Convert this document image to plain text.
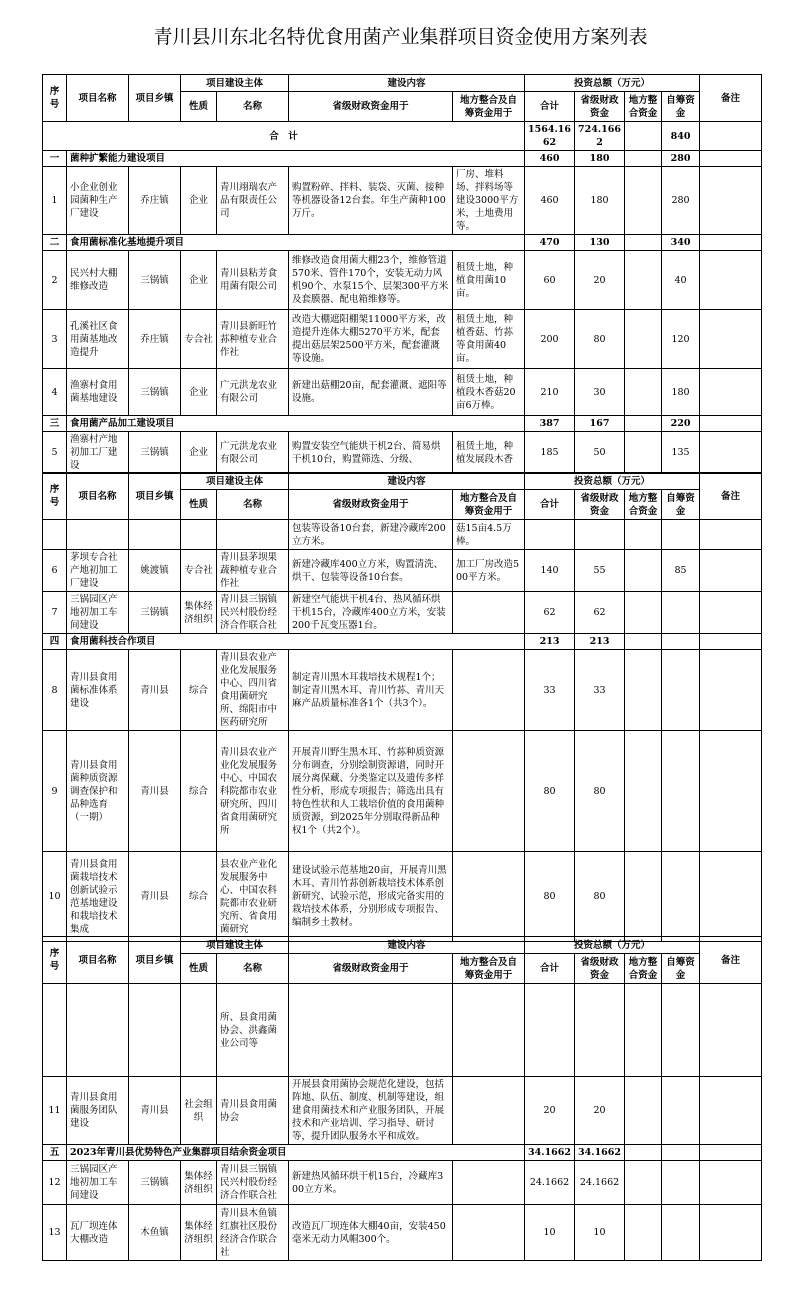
青川县川东北名特优食用菌产业集群项目资金使用方案列表
序号	项目名称	项目乡镇	项目建设主体		建设内容		投资总额（万元）				备注
			性质	名称	省级财政资金用于	地方整合及自筹资金用于	合计	省级财政资金	地方整合资金	自筹资金	
合　计							1564.1662	724.1662		840	
一	菌种扩繁能力建设项目						460	180		280	
1	小企业创业园菌种生产厂建设	乔庄镇	企业	青川翊瑞农产品有限责任公司	购置粉碎、拌料、装袋、灭菌、接种等机器设备12台套。年生产菌种100万斤。	厂房、堆料场、拌料场等建设3000平方米，土地费用等。	460	180		280	
二	食用菌标准化基地提升项目						470	130		340	
2	民兴村大棚维修改造	三锅镇	企业	青川县粘芳食用菌有限公司	维修改造食用菌大棚23个，维修管道570米、管件170个，安装无动力风机90个、水泵15个、层架300平方米及套膜器、配电箱维修等。	租赁土地，种植食用菌10亩。	60	20		40	
3	孔溪社区食用菌基地改造提升	乔庄镇	专合社	青川县新旺竹荪种植专业合作社	改造大棚遮阳棚架11000平方米，改造提升连体大棚5270平方米，配套提出菇层架2500平方米，配套灌溉等设施。	租赁土地，种植香菇、竹荪等食用菌40亩。	200	80		120	
4	渔寨村食用菌基地建设	三锅镇	企业	广元洪龙农业有限公司	新建出菇棚20亩，配套灌溉、遮阳等设施。	租赁土地，种植段木香菇20亩6万棒。	210	30		180	
三	食用菌产品加工建设项目						387	167		220	
5	渔寨村产地初加工厂建设	三锅镇	企业	广元洪龙农业有限公司	购置安装空气能烘干机2台、简易烘干机10台，购置筛选、分级、	租赁土地，种植发展段木香	185	50		135	
序号	项目名称	项目乡镇	项目建设主体		建设内容		投资总额（万元）				备注
			性质	名称	省级财政资金用于	地方整合及自筹资金用于	合计	省级财政资金	地方整合资金	自筹资金	
					包装等设备10台套，新建冷藏库200立方米。	菇15亩4.5万棒。					
6	茅坝专合社产地初加工厂建设	姚渡镇	专合社	青川县茅坝果蔬种植专业合作社	新建冷藏库400立方米，购置清洗、烘干、包装等设备10台套。	加工厂房改造500平方米。	140	55		85	
7	三锅园区产地初加工车间建设	三锅镇	集体经济组织	青川县三锅镇民兴村股份经济合作联合社	新建空气能烘干机4台、热风循环烘干机15台，冷藏库400立方米，安装200千瓦变压器1台。		62	62			
四	食用菌科技合作项目						213	213			
8	青川县食用菌标准体系建设	青川县	综合	青川县农业产业化发展服务中心、四川省食用菌研究所、绵阳市中医药研究所	制定青川黑木耳栽培技术规程1个；制定青川黑木耳、青川竹荪、青川天麻产品质量标准各1个（共3个）。		33	33			
9	青川县食用菌种质资源调查保护和品种选育（一期）	青川县	综合	青川县农业产业化发展服务中心、中国农科院都市农业研究所、四川省食用菌研究所	开展青川野生黑木耳、竹荪种质资源分布调查，分别绘制资源谱，同时开展分离保藏、分类鉴定以及遗传多样性分析，形成专项报告；筛选出具有特色性状和人工栽培价值的食用菌种质资源，到2025年分别取得新品种权1个（共2个）。		80	80			
10	青川县食用菌栽培技术创新试验示范基地建设和栽培技术集成	青川县	综合	县农业产业化发展服务中心、中国农科院都市农业研究所、省食用菌研究	建设试验示范基地20亩，开展青川黑木耳、青川竹荪创新栽培技术体系创新研究、试验示范，形成完备实用的栽培技术体系，分别形成专项报告、编制乡土教材。		80	80			
序号	项目名称	项目乡镇	项目建设主体		建设内容		投资总额（万元）				备注
			性质	名称	省级财政资金用于	地方整合及自筹资金用于	合计	省级财政资金	地方整合资金	自筹资金	
				所、县食用菌协会、洪鑫菌业公司等							
11	青川县食用菌服务团队建设	青川县	社会组织	青川县食用菌协会	开展县食用菌协会规范化建设，包括阵地、队伍、制度、机制等建设，组建食用菌技术和产业服务团队，开展技术和产业培训、学习指导、研讨等，提升团队服务水平和成效。		20	20			
五	2023年青川县优势特色产业集群项目结余资金项目						34.1662	34.1662			
12	三锅园区产地初加工车间建设	三锅镇	集体经济组织	青川县三锅镇民兴村股份经济合作联合社	新建热风循环烘干机15台，冷藏库300立方米。		24.1662	24.1662			
13	瓦厂坝连体大棚改造	木鱼镇	集体经济组织	青川县木鱼镇红旗社区股份经济合作联合社	改造瓦厂坝连体大棚40亩，安装450毫米无动力风帽300个。		10	10			
